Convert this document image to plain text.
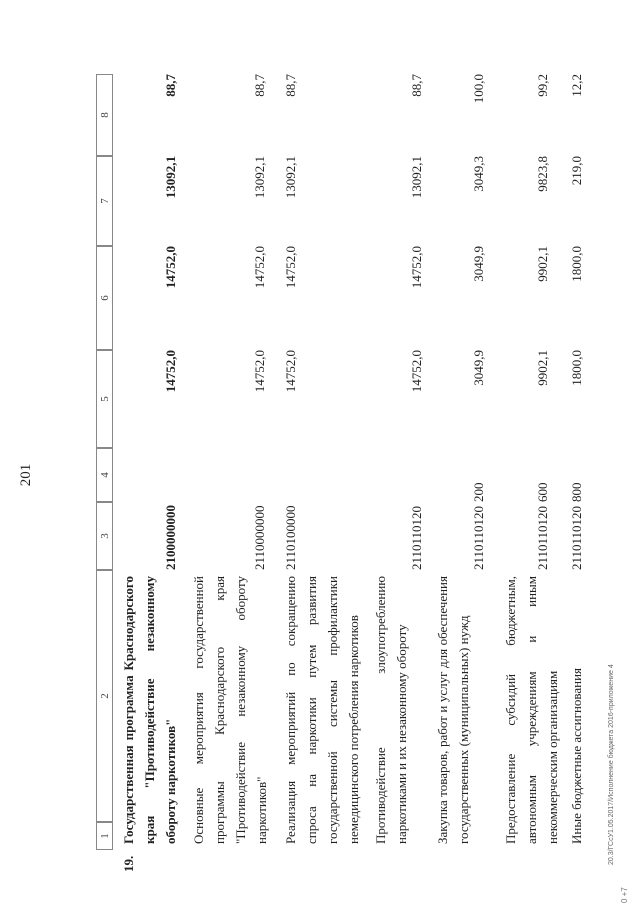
201
1
2
3
4
5
6
7
8
19.
Государственная программа Краснодарского края "Противодействие незаконному обороту наркотиков"
2100000000
14752,0
14752,0
13092,1
88,7
Основные мероприятия государственной программы Краснодарского края "Противодействие незаконному обороту наркотиков"
2110000000
14752,0
14752,0
13092,1
88,7
Реализация мероприятий по сокращению спроса на наркотики путем развития государственной системы профилактики немедицинского потребления наркотиков
2110100000
14752,0
14752,0
13092,1
88,7
Противодействие злоупотреблению наркотиками и их незаконному обороту
2110110120
14752,0
14752,0
13092,1
88,7
Закупка товаров, работ и услуг для обеспечения государственных (муниципальных) нужд
2110110120
200
3049,9
3049,9
3049,3
100,0
Предоставление субсидий бюджетным, автономным учреждениям и иным некоммерческим организациям
2110110120
600
9902,1
9902,1
9823,8
99,2
Иные бюджетные ассигнования
2110110120
800
1800,0
1800,0
219,0
12,2
20.3/ГСсУ1.05.2017/Исполнение бюджета 2016-приложение 4
0 +7
